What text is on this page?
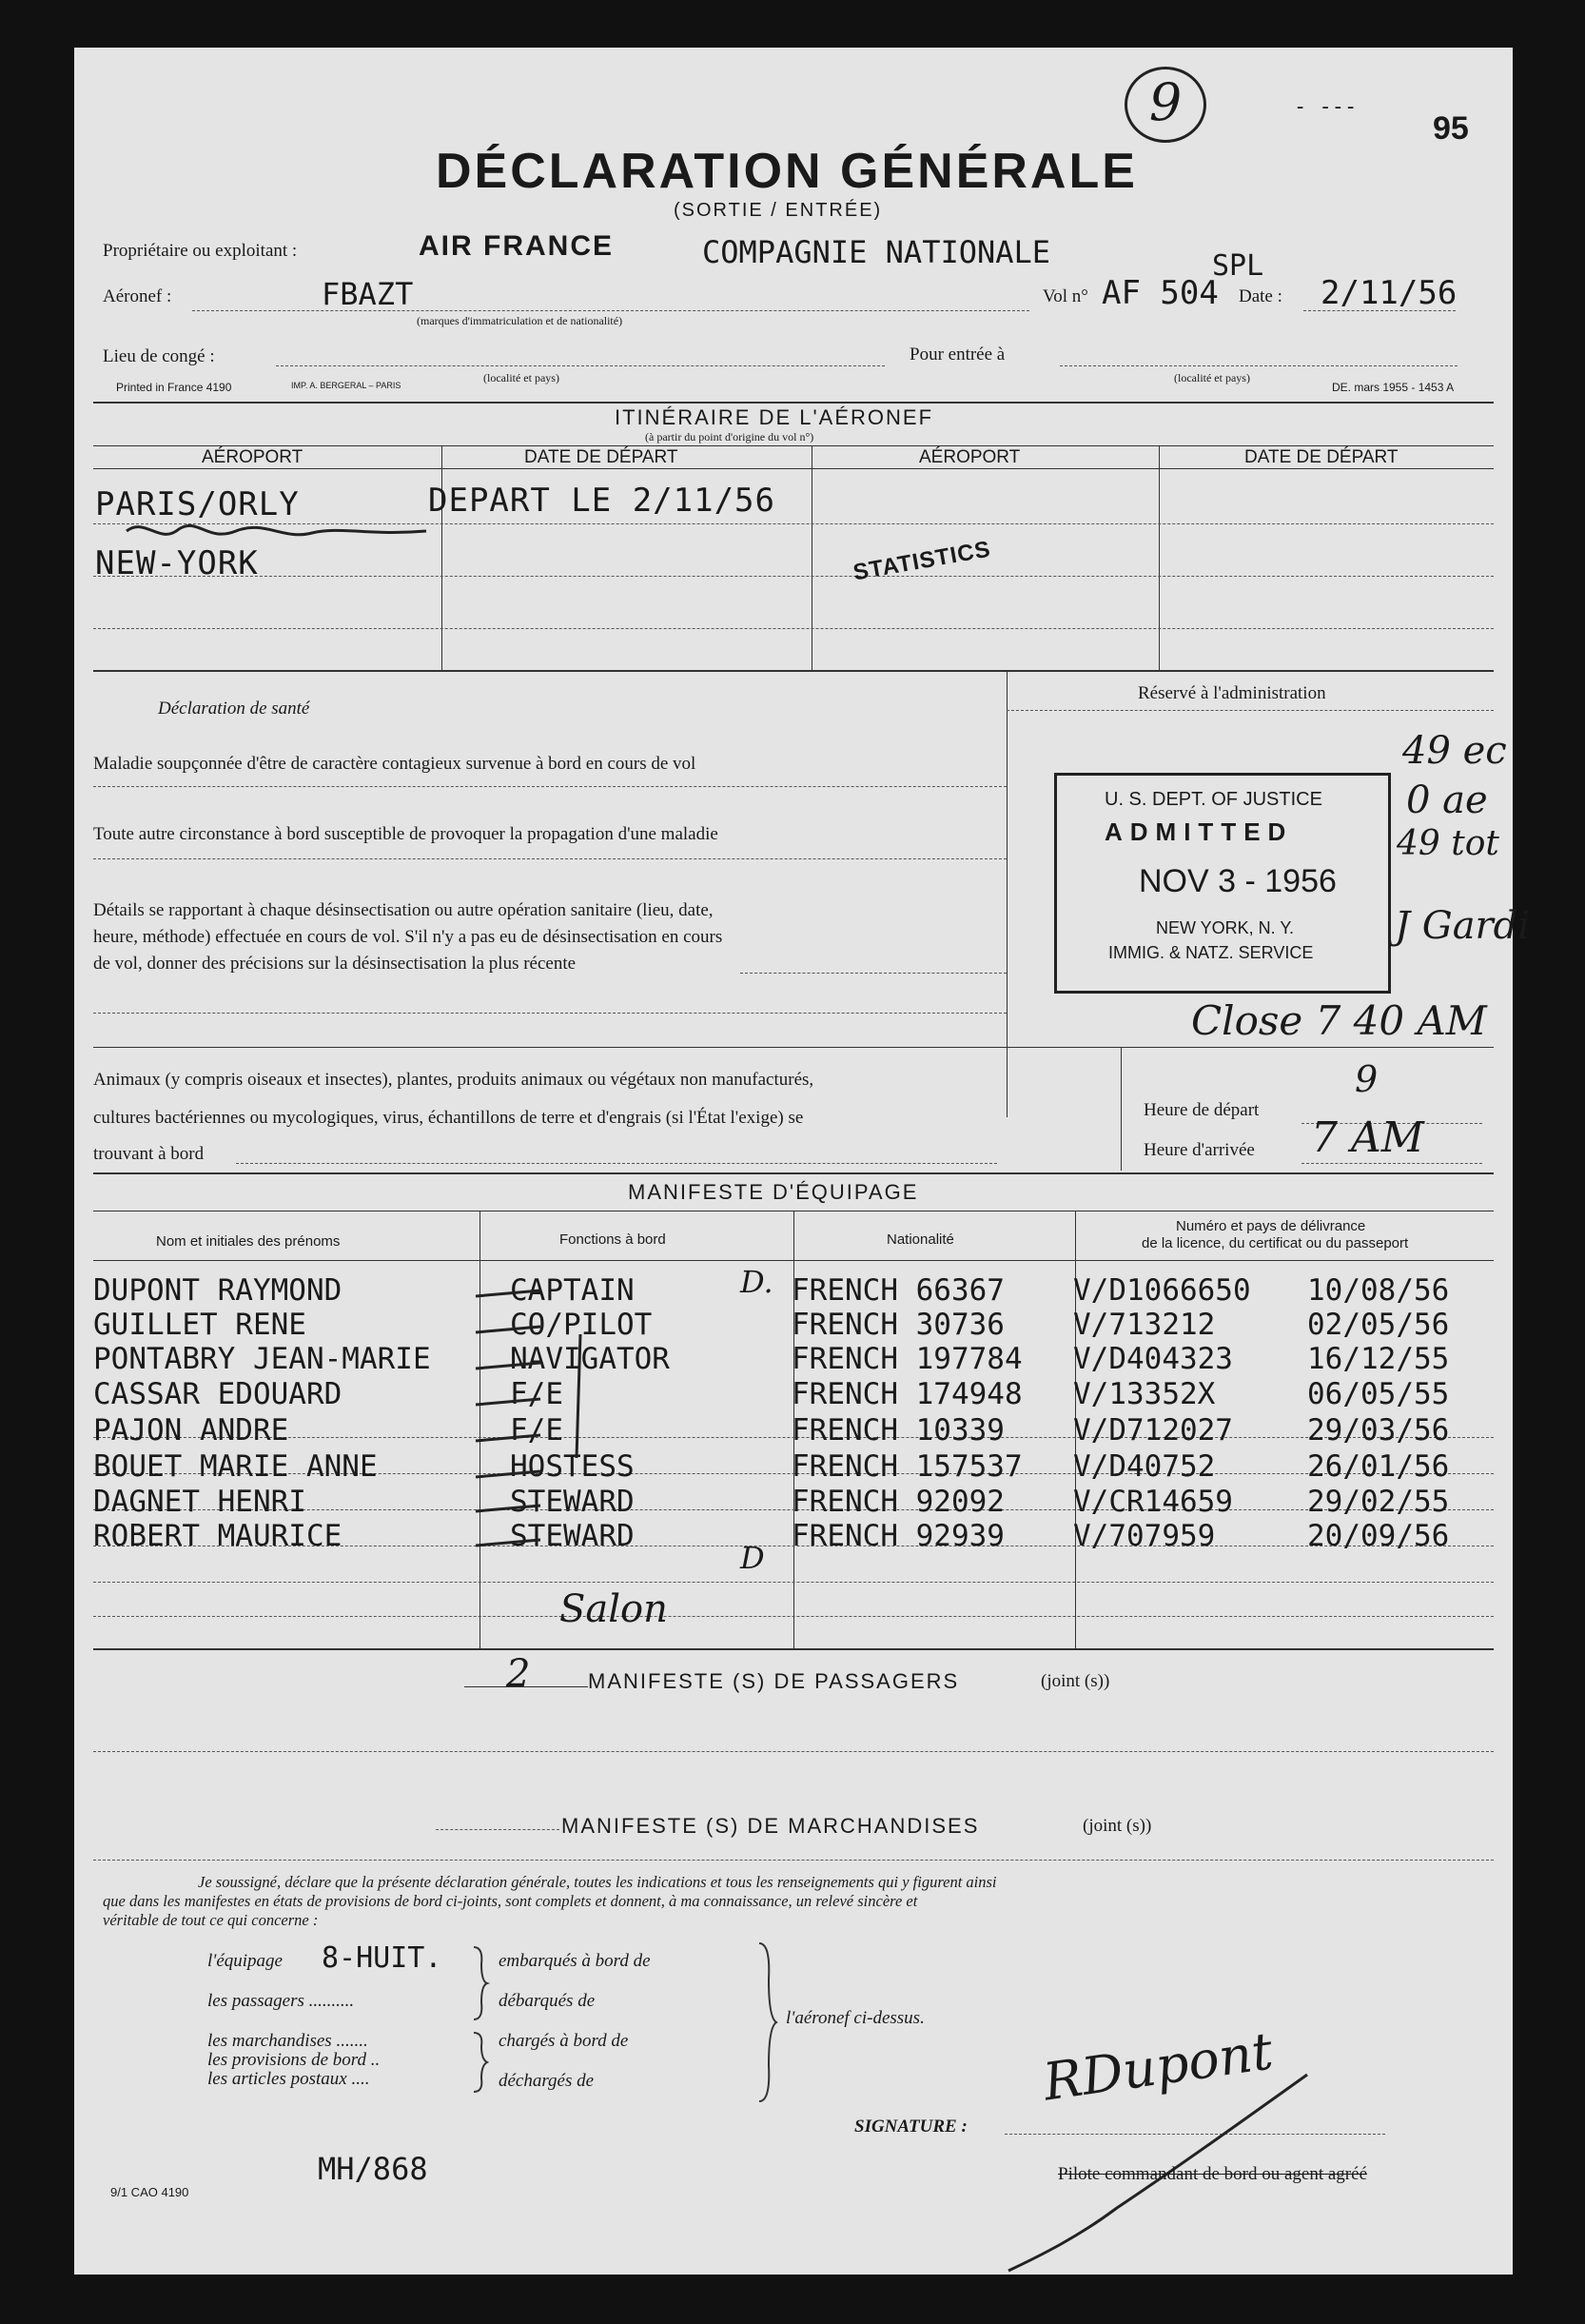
9	- ---
95
DÉCLARATION GÉNÉRALE
(SORTIE / ENTRÉE)
Propriétaire ou exploitant :	AIR FRANCE	COMPAGNIE NATIONALE
Aéronef :	FBAZT
(marques d'immatriculation et de nationalité)
Vol n° AF 504
SPL
Date : 2/11/56
Lieu de congé :
(localité et pays)
Pour entrée à
(localité et pays)
Printed in France 4190	IMP. A. BERGERAL – PARIS	DE. mars 1955 - 1453 A
ITINÉRAIRE DE L'AÉRONEF
(à partir du point d'origine du vol n°)
AÉROPORT	DATE DE DÉPART	AÉROPORT	DATE DE DÉPART
PARIS/ORLY	DEPART LE 2/11/56
NEW-YORK	STATISTICS
Déclaration de santé
Maladie soupçonnée d'être de caractère contagieux survenue à bord en cours de vol
Toute autre circonstance à bord susceptible de provoquer la propagation d'une maladie
Détails se rapportant à chaque désinsectisation ou autre opération sanitaire (lieu, date,
heure, méthode) effectuée en cours de vol. S'il n'y a pas eu de désinsectisation en cours
de vol, donner des précisions sur la désinsectisation la plus récente
Réservé à l'administration
U. S. DEPT. OF JUSTICE
ADMITTED
NOV 3 - 1956
NEW YORK, N. Y.
IMMIG. & NATZ. SERVICE
49 ec
0 ae
49 tot
J Gardi
Close 7 40 AM
Animaux (y compris oiseaux et insectes), plantes, produits animaux ou végétaux non manufacturés,
cultures bactériennes ou mycologiques, virus, échantillons de terre et d'engrais (si l'État l'exige) se
trouvant à bord
Heure de départ
9
Heure d'arrivée 7 AM
MANIFESTE D'ÉQUIPAGE
Nom et initiales des prénoms	Fonctions à bord	Nationalité
Numéro et pays de délivrance
de la licence, du certificat ou du passeport
DUPONT RAYMOND	CAPTAIN	FRENCH 66367	V/D1066650	10/08/56
GUILLET RENE	CO/PILOT	FRENCH 30736	V/713212	02/05/56
PONTABRY JEAN-MARIE	NAVIGATOR	FRENCH 197784	V/D404323	16/12/55
CASSAR EDOUARD	F/E	FRENCH 174948	V/13352X	06/05/55
PAJON ANDRE	F/E	FRENCH 10339	V/D712027	29/03/56
BOUET MARIE ANNE	HOSTESS	FRENCH 157537	V/D40752	26/01/56
DAGNET HENRI	STEWARD	FRENCH 92092	V/CR14659	29/02/55
ROBERT MAURICE	STEWARD	FRENCH 92939	V/707959	20/09/56
D.
D
Salon
2	MANIFESTE (S) DE PASSAGERS	(joint (s))
MANIFESTE (S) DE MARCHANDISES	(joint (s))
Je soussigné, déclare que la présente déclaration générale, toutes les indications et tous les renseignements qui y figurent ainsi
que dans les manifestes en états de provisions de bord ci-joints, sont complets et donnent, à ma connaissance, un relevé sincère et
véritable de tout ce qui concerne :
l'équipage 8-HUIT.	embarqués à bord de
les passagers ..........	débarqués de
les marchandises .......
les provisions de bord ..
les articles postaux ....
chargés à bord de
déchargés de
l'aéronef ci-dessus.
SIGNATURE :
RDupont
Pilote commandant de bord ou agent agréé
MH/868
9/1 CAO 4190
